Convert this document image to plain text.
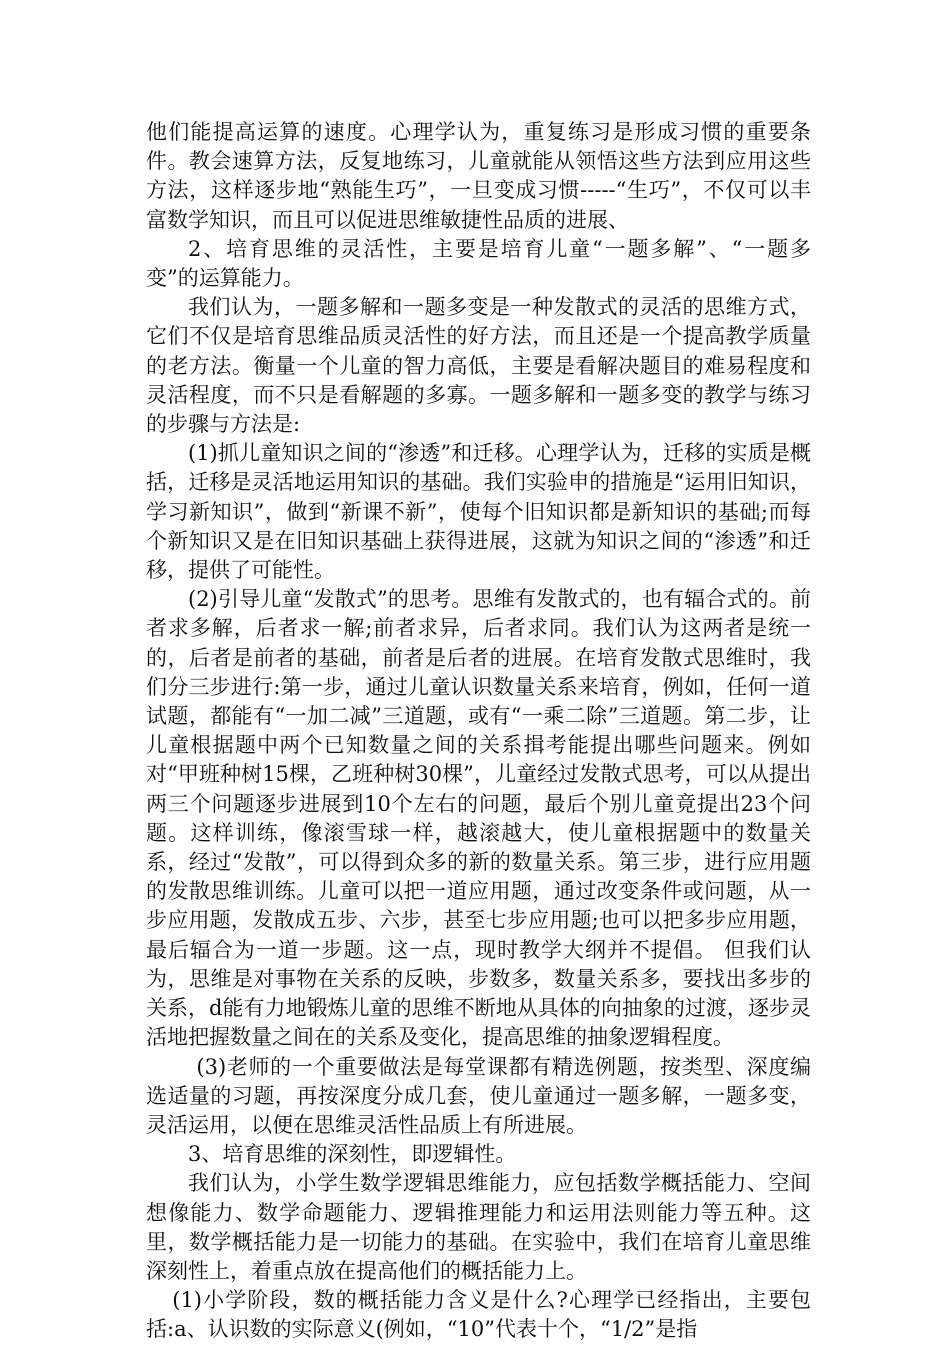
他们能提高运算的速度。心理学认为，重复练习是形成习惯的重要条件。教会速算方法，反复地练习，儿童就能从领悟这些方法到应用这些方法，这样逐步地“熟能生巧”，一旦变成习惯-----“生巧”，不仅可以丰富数学知识，而且可以促进思维敏捷性品质的进展、

2、培育思维的灵活性，主要是培育儿童“一题多解”、“一题多变”的运算能力。

我们认为，一题多解和一题多变是一种发散式的灵活的思维方式，它们不仅是培育思维品质灵活性的好方法，而且还是一个提高教学质量的老方法。衡量一个儿童的智力高低，主要是看解决题目的难易程度和灵活程度，而不只是看解题的多寡。一题多解和一题多变的教学与练习的步骤与方法是:

(1)抓儿童知识之间的“渗透”和迁移。心理学认为，迁移的实质是概括，迁移是灵活地运用知识的基础。我们实验申的措施是“运用旧知识，学习新知识”，做到“新课不新”，使每个旧知识都是新知识的基础;而每个新知识又是在旧知识基础上获得进展，这就为知识之间的“渗透”和迁移，提供了可能性。

(2)引导儿童“发散式”的思考。思维有发散式的，也有辐合式的。前者求多解，后者求一解;前者求异，后者求同。我们认为这两者是统一的，后者是前者的基础，前者是后者的进展。在培育发散式思维时，我们分三步进行:第一步，通过儿童认识数量关系来培育，例如，任何一道试题，都能有“一加二减”三道题，或有“一乘二除”三道题。第二步，让儿童根据题中两个已知数量之间的关系揖考能提出哪些问题来。例如对“甲班种树15棵，乙班种树30棵”，儿童经过发散式思考，可以从提出两三个问题逐步进展到10个左右的问题，最后个别儿童竟提出23个问题。这样训练，像滚雪球一样，越滚越大，使儿童根据题中的数量关系，经过“发散”，可以得到众多的新的数量关系。第三步，进行应用题的发散思维训练。儿童可以把一道应用题，通过改变条件或问题，从一步应用题，发散成五步、六步，甚至七步应用题;也可以把多步应用题，最后辐合为一道一步题。这一点，现时教学大纲并不提倡。 但我们认为，思维是对事物在关系的反映，步数多，数量关系多，要找出多步的关系，d能有力地锻炼儿童的思维不断地从具体的向抽象的过渡，逐步灵活地把握数量之间在的关系及变化，提高思维的抽象逻辑程度。

(3)老师的一个重要做法是每堂课都有精选例题，按类型、深度编选适量的习题，再按深度分成几套，使儿童通过一题多解，一题多变，灵活运用，以便在思维灵活性品质上有所进展。

3、培育思维的深刻性，即逻辑性。

我们认为，小学生数学逻辑思维能力，应包括数学概括能力、空间想像能力、数学命题能力、逻辑推理能力和运用法则能力等五种。这里，数学概括能力是一切能力的基础。在实验中，我们在培育儿童思维深刻性上，着重点放在提高他们的概括能力上。

(1)小学阶段，数的概括能力含义是什么?心理学已经指出，主要包括:a、认识数的实际意义(例如，“10”代表十个，“1/2”是指
